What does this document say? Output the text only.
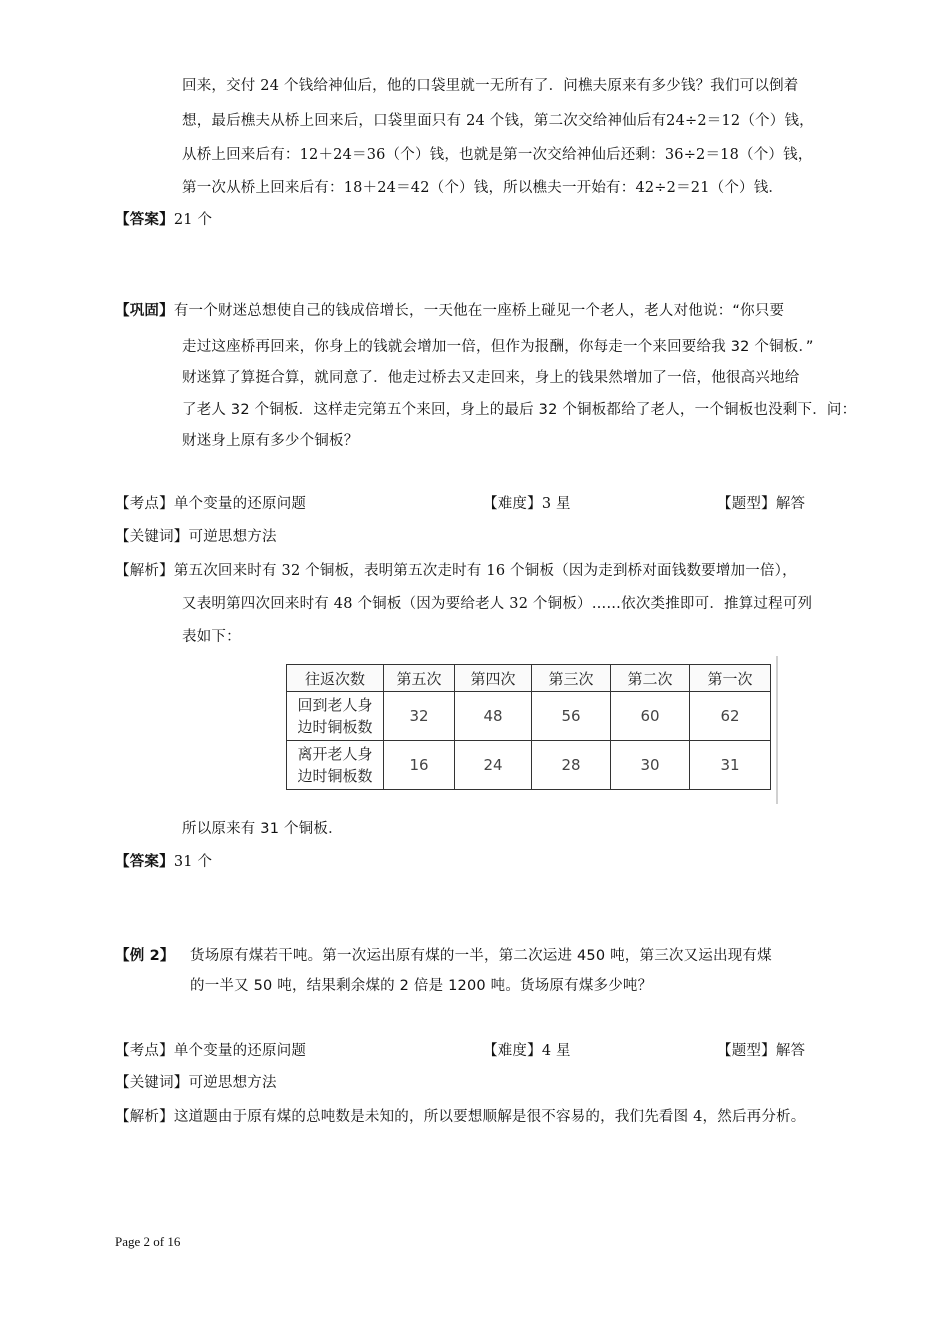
回来，交付 24 个钱给神仙后，他的口袋里就一无所有了．问樵夫原来有多少钱？我们可以倒着
想，最后樵夫从桥上回来后，口袋里面只有 24 个钱，第二次交给神仙后有24÷2＝12（个）钱，
从桥上回来后有：12＋24＝36（个）钱，也就是第一次交给神仙后还剩：36÷2＝18（个）钱，
第一次从桥上回来后有：18＋24＝42（个）钱，所以樵夫一开始有：42÷2＝21（个）钱．
【答案】21 个
【巩固】有一个财迷总想使自己的钱成倍增长，一天他在一座桥上碰见一个老人，老人对他说：“你只要
走过这座桥再回来，你身上的钱就会增加一倍，但作为报酬，你每走一个来回要给我 32 个铜板．”
财迷算了算挺合算，就同意了．他走过桥去又走回来，身上的钱果然增加了一倍，他很高兴地给
了老人 32 个铜板．这样走完第五个来回，身上的最后 32 个铜板都给了老人，一个铜板也没剩下．问：
财迷身上原有多少个铜板？
【考点】单个变量的还原问题	【难度】3 星	【题型】解答
【关键词】可逆思想方法
【解析】第五次回来时有 32 个铜板，表明第五次走时有 16 个铜板（因为走到桥对面钱数要增加一倍），
又表明第四次回来时有 48 个铜板（因为要给老人 32 个铜板）……依次类推即可．推算过程可列
表如下：
往返次数	第五次	第四次	第三次	第二次	第一次

回到老人身
边时铜板数	32	48	56	60	62

离开老人身
边时铜板数	16	24	28	30	31
所以原来有 31 个铜板．
【答案】31 个
【例 2】 货场原有煤若干吨。第一次运出原有煤的一半，第二次运进 450 吨，第三次又运出现有煤
的一半又 50 吨，结果剩余煤的 2 倍是 1200 吨。货场原有煤多少吨？
【考点】单个变量的还原问题	【难度】4 星	【题型】解答
【关键词】可逆思想方法
【解析】这道题由于原有煤的总吨数是未知的，所以要想顺解是很不容易的，我们先看图 4，然后再分析。
Page 2 of 16
